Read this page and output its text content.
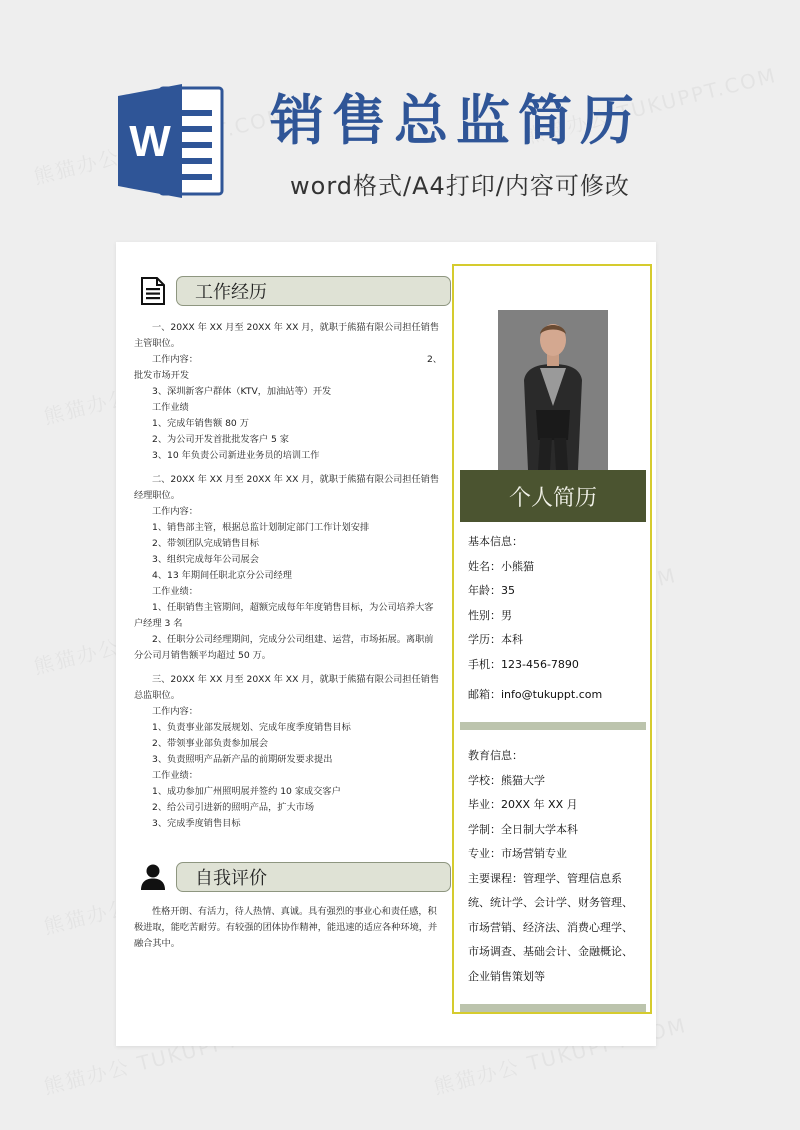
W 销售总监简历

word格式/A4打印/内容可修改

工作经历

一、20XX 年 XX 月至 20XX 年 XX 月，就职于熊猫有限公司担任销售

主管职位。

工作内容：	2、

批发市场开发

3、深圳新客户群体（KTV，加油站等）开发

工作业绩

1、完成年销售额 80 万

2、为公司开发首批批发客户 5 家

3、10 年负责公司新进业务员的培训工作

二、20XX 年 XX 月至 20XX 年 XX 月，就职于熊猫有限公司担任销售

经理职位。

工作内容：

1、销售部主管，根据总监计划制定部门工作计划安排

2、带领团队完成销售目标

3、组织完成每年公司展会

4、13 年期间任职北京分公司经理

工作业绩：

1、任职销售主管期间，超额完成每年年度销售目标，为公司培养大客

户经理 3 名

2、任职分公司经理期间，完成分公司组建、运营，市场拓展。离职前

分公司月销售额平均超过 50 万。

三、20XX 年 XX 月至 20XX 年 XX 月，就职于熊猫有限公司担任销售

总监职位。

工作内容：

1、负责事业部发展规划、完成年度季度销售目标

2、带领事业部负责参加展会

3、负责照明产品新产品的前期研发要求提出

工作业绩：

1、成功参加广州照明展并签约 10 家成交客户

2、给公司引进新的照明产品，扩大市场

3、完成季度销售目标

自我评价

性格开朗、有活力，待人热情、真诚。具有强烈的事业心和责任感，积

极进取，能吃苦耐劳。有较强的团体协作精神，能迅速的适应各种环境，并

融合其中。

个人简历

基本信息：

姓名：小熊猫

年龄：35

性别：男

学历：本科

手机：123-456-7890

邮箱：info@tukuppt.com

教育信息：

学校：熊猫大学

毕业：20XX 年 XX 月

学制：全日制大学本科

专业：市场营销专业

主要课程：管理学、管理信息系

统、统计学、会计学、财务管理、

市场营销、经济法、消费心理学、

市场调查、基础会计、金融概论、

企业销售策划等
